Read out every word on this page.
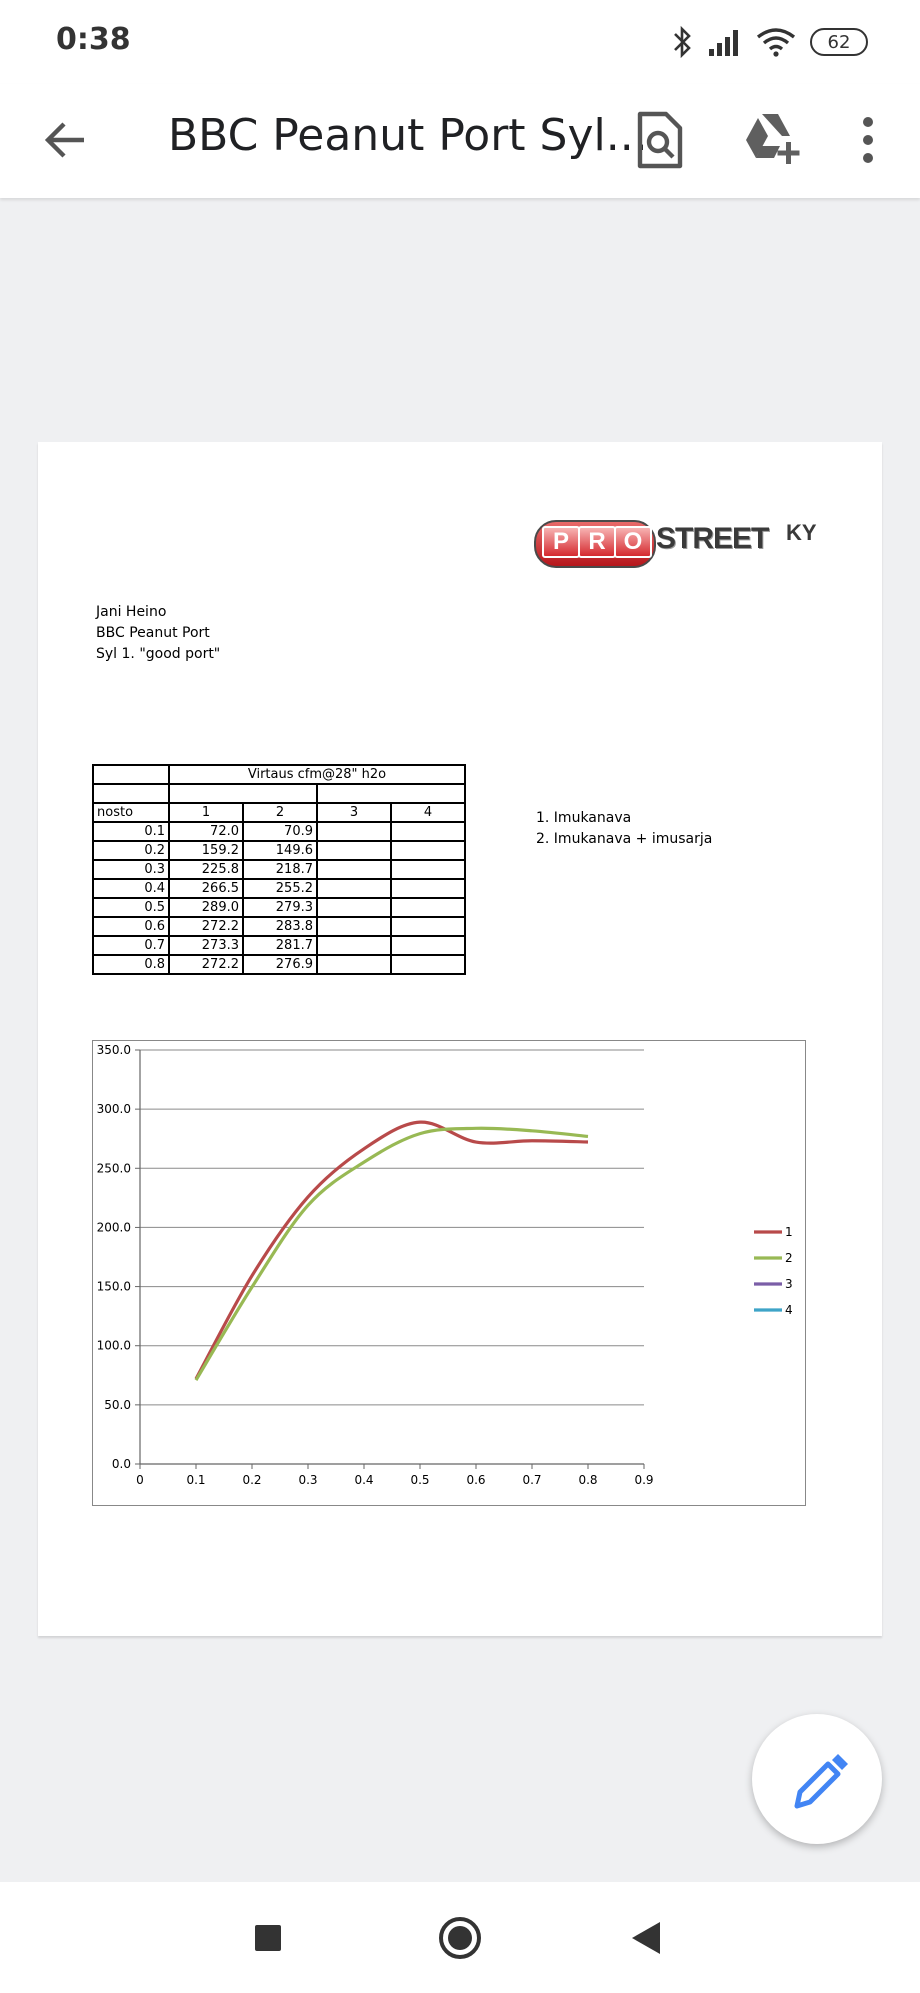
0:38	62
BBC Peanut Port Syl...
P R O STREET KY
Jani Heino
BBC Peanut Port
Syl 1. "good port"
	Virtaus cfm@28" h2o			

nosto	1	2	3	4
0.1	72.0	70.9		
0.2	159.2	149.6		
0.3	225.8	218.7		
0.4	266.5	255.2		
0.5	289.0	279.3		
0.6	272.2	283.8		
0.7	273.3	281.7		
0.8	272.2	276.9		
1. Imukanava
2. Imukanava + imusarja
0.0
50.0
100.0
150.0
200.0
250.0
300.0
350.0
0	0.1	0.2	0.3	0.4	0.5	0.6	0.7	0.8	0.9
1
2
3
4
